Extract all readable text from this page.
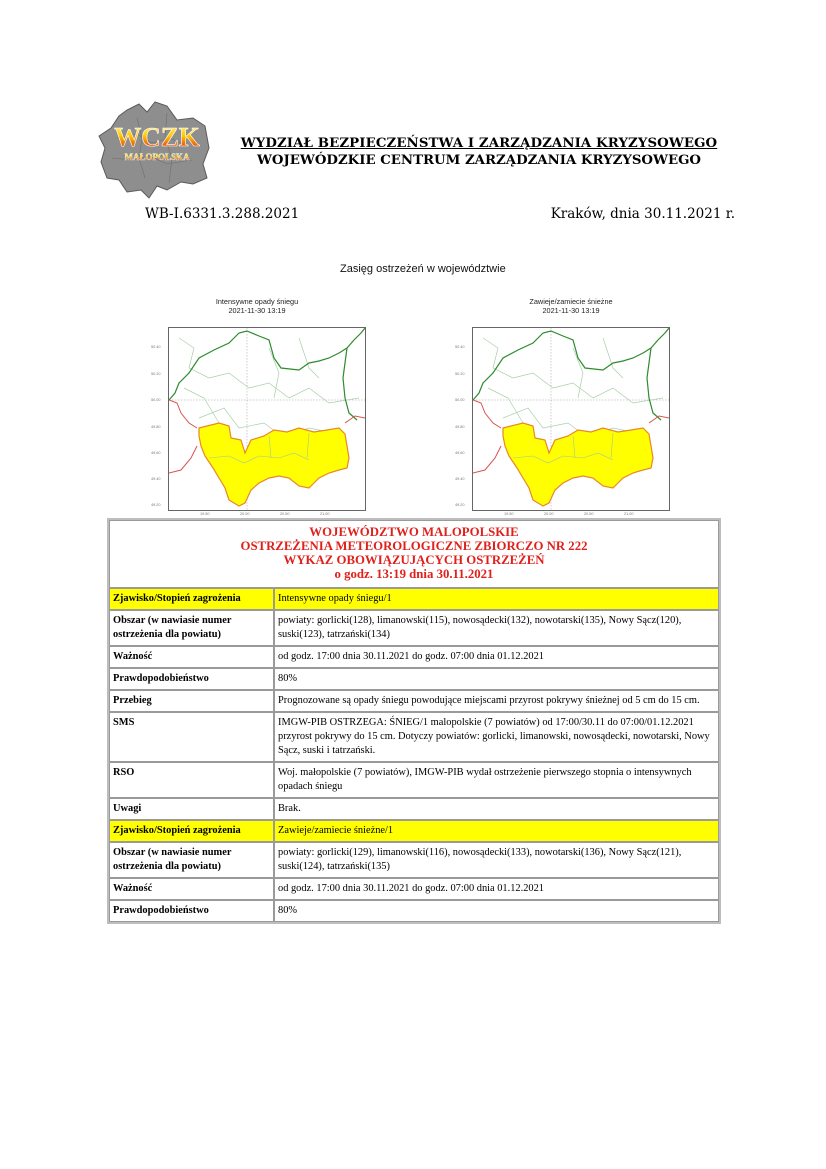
WCZK
MAŁOPOLSKA
WYDZIAŁ BEZPIECZEŃSTWA I ZARZĄDZANIA KRYZYSOWEGO
WOJEWÓDZKIE CENTRUM ZARZĄDZANIA KRYZYSOWEGO
WB-I.6331.3.288.2021	Kraków, dnia 30.11.2021 r.
Zasięg ostrzeżeń w województwie
Intensywne opady śniegu
2021-11-30 13:19
50.40
50.20
50.00
49.80
49.60
49.40
49.20
19.50	20.00	20.50	21.00
Zawieje/zamiecie śnieżne
2021-11-30 13:19
50.40
50.20
50.00
49.80
49.60
49.40
49.20
19.50	20.00	20.50	21.00
WOJEWÓDZTWO MALOPOLSKIE
OSTRZEŻENIA METEOROLOGICZNE ZBIORCZO NR 222
WYKAZ OBOWIĄZUJĄCYCH OSTRZEŻEŃ
o godz. 13:19 dnia 30.11.2021	

Zjawisko/Stopień zagrożenia	Intensywne opady śniegu/1
Obszar (w nawiasie numer ostrzeżenia dla powiatu)	powiaty: gorlicki(128), limanowski(115), nowosądecki(132), nowotarski(135), Nowy Sącz(120), suski(123), tatrzański(134)
Ważność	od godz. 17:00 dnia 30.11.2021 do godz. 07:00 dnia 01.12.2021
Prawdopodobieństwo	80%
Przebieg	Prognozowane są opady śniegu powodujące miejscami przyrost pokrywy śnieżnej od 5 cm do 15 cm.
SMS	IMGW-PIB OSTRZEGA: ŚNIEG/1 malopolskie (7 powiatów) od 17:00/30.11 do 07:00/01.12.2021 przyrost pokrywy do 15 cm. Dotyczy powiatów: gorlicki, limanowski, nowosądecki, nowotarski, Nowy Sącz, suski i tatrzański.
RSO	Woj. małopolskie (7 powiatów), IMGW-PIB wydał ostrzeżenie pierwszego stopnia o intensywnych opadach śniegu
Uwagi	Brak.
Zjawisko/Stopień zagrożenia	Zawieje/zamiecie śnieżne/1
Obszar (w nawiasie numer ostrzeżenia dla powiatu)	powiaty: gorlicki(129), limanowski(116), nowosądecki(133), nowotarski(136), Nowy Sącz(121), suski(124), tatrzański(135)
Ważność	od godz. 17:00 dnia 30.11.2021 do godz. 07:00 dnia 01.12.2021
Prawdopodobieństwo	80%
